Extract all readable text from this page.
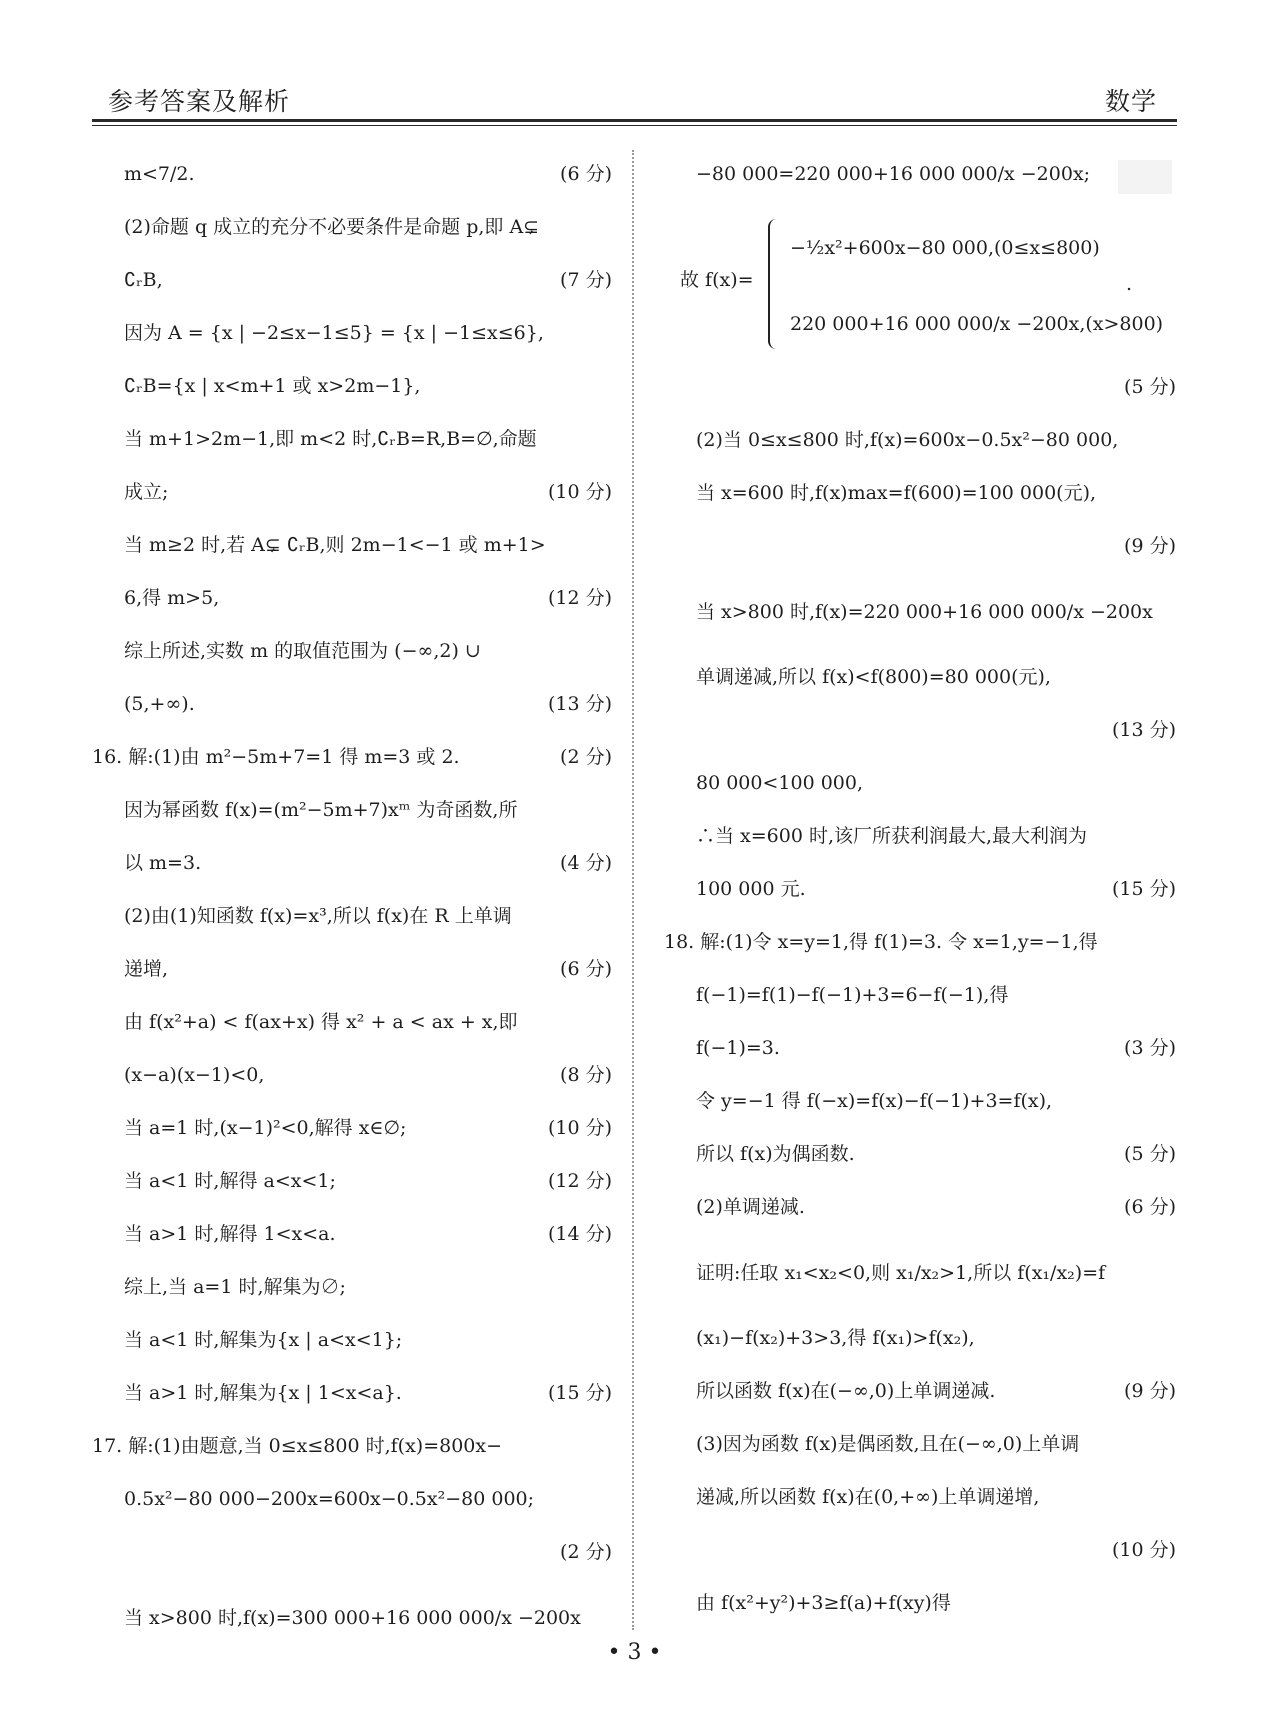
参考答案及解析	数学
m<7/2.	(6 分)
(2)命题 q 成立的充分不必要条件是命题 p,即 A⊊
∁ᵣB,	(7 分)
因为 A = {x | −2≤x−1≤5} = {x | −1≤x≤6},
∁ᵣB={x | x<m+1 或 x>2m−1},
当 m+1>2m−1,即 m<2 时,∁ᵣB=R,B=∅,命题
成立;	(10 分)
当 m≥2 时,若 A⊊ ∁ᵣB,则 2m−1<−1 或 m+1>
6,得 m>5,	(12 分)
综上所述,实数 m 的取值范围为 (−∞,2) ∪
(5,+∞).	(13 分)
16. 解:(1)由 m²−5m+7=1 得 m=3 或 2.	(2 分)
因为幂函数 f(x)=(m²−5m+7)xᵐ 为奇函数,所
以 m=3.	(4 分)
(2)由(1)知函数 f(x)=x³,所以 f(x)在 R 上单调
递增,	(6 分)
由 f(x²+a) < f(ax+x) 得 x² + a < ax + x,即
(x−a)(x−1)<0,	(8 分)
当 a=1 时,(x−1)²<0,解得 x∈∅;	(10 分)
当 a<1 时,解得 a<x<1;	(12 分)
当 a>1 时,解得 1<x<a.	(14 分)
综上,当 a=1 时,解集为∅;
当 a<1 时,解集为{x | a<x<1};
当 a>1 时,解集为{x | 1<x<a}.	(15 分)
17. 解:(1)由题意,当 0≤x≤800 时,f(x)=800x−
0.5x²−80 000−200x=600x−0.5x²−80 000;
(2 分)
当 x>800 时,f(x)=300 000+16 000 000/x −200x
−80 000=220 000+16 000 000/x −200x;
故 f(x)=
−½x²+600x−80 000,(0≤x≤800)
220 000+16 000 000/x −200x,(x>800)
.
(5 分)
(2)当 0≤x≤800 时,f(x)=600x−0.5x²−80 000,
当 x=600 时,f(x)max=f(600)=100 000(元),
(9 分)
当 x>800 时,f(x)=220 000+16 000 000/x −200x
单调递减,所以 f(x)<f(800)=80 000(元),
(13 分)
80 000<100 000,
∴当 x=600 时,该厂所获利润最大,最大利润为
100 000 元.	(15 分)
18. 解:(1)令 x=y=1,得 f(1)=3. 令 x=1,y=−1,得
f(−1)=f(1)−f(−1)+3=6−f(−1),得
f(−1)=3.	(3 分)
令 y=−1 得 f(−x)=f(x)−f(−1)+3=f(x),
所以 f(x)为偶函数.	(5 分)
(2)单调递减.	(6 分)
证明:任取 x₁<x₂<0,则 x₁/x₂>1,所以 f(x₁/x₂)=f
(x₁)−f(x₂)+3>3,得 f(x₁)>f(x₂),
所以函数 f(x)在(−∞,0)上单调递减.	(9 分)
(3)因为函数 f(x)是偶函数,且在(−∞,0)上单调
递减,所以函数 f(x)在(0,+∞)上单调递增,
(10 分)
由 f(x²+y²)+3≥f(a)+f(xy)得
• 3 •
